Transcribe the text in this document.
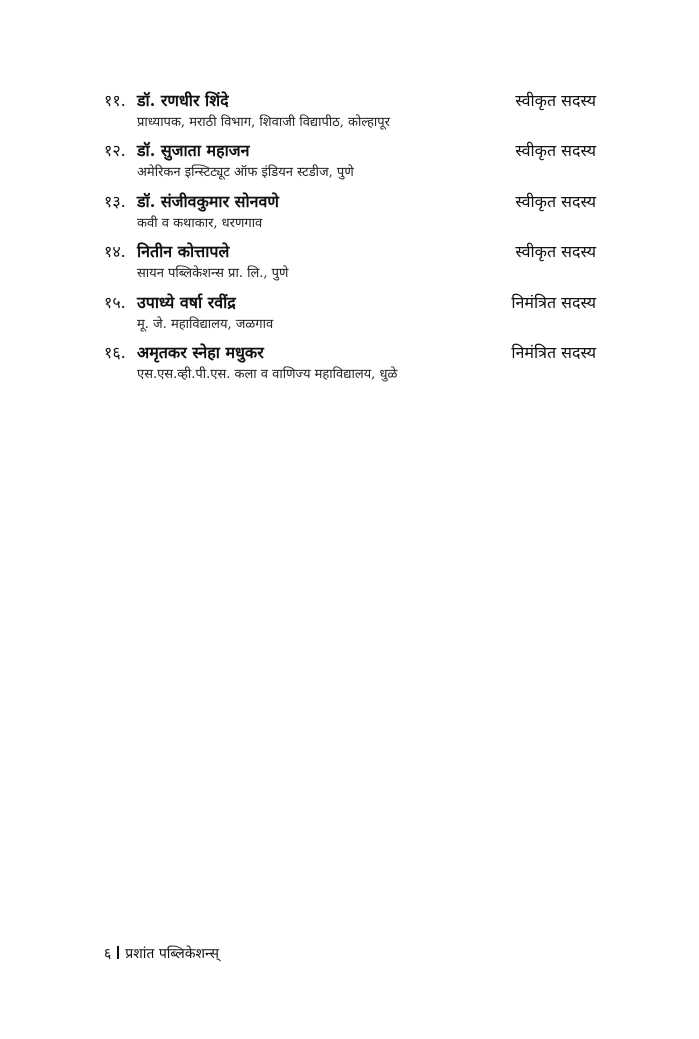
११. डॉ. रणधीर शिंदे	स्वीकृत सदस्य
प्राध्यापक, मराठी विभाग, शिवाजी विद्यापीठ, कोल्हापूर
१२. डॉ. सुजाता महाजन	स्वीकृत सदस्य
अमेरिकन इन्स्टिट्यूट ऑफ इंडियन स्टडीज, पुणे
१३. डॉ. संजीवकुमार सोनवणे	स्वीकृत सदस्य
कवी व कथाकार, धरणगाव
१४. नितीन कोत्तापले	स्वीकृत सदस्य
सायन पब्लिकेशन्स प्रा. लि., पुणे
१५. उपाध्ये वर्षा रवींद्र	निमंत्रित सदस्य
मू. जे. महाविद्यालय, जळगाव
१६. अमृतकर स्नेहा मधुकर	निमंत्रित सदस्य
एस.एस.व्ही.पी.एस. कला व वाणिज्य महाविद्यालय, धुळे
६ प्रशांत पब्लिकेशन्स्
